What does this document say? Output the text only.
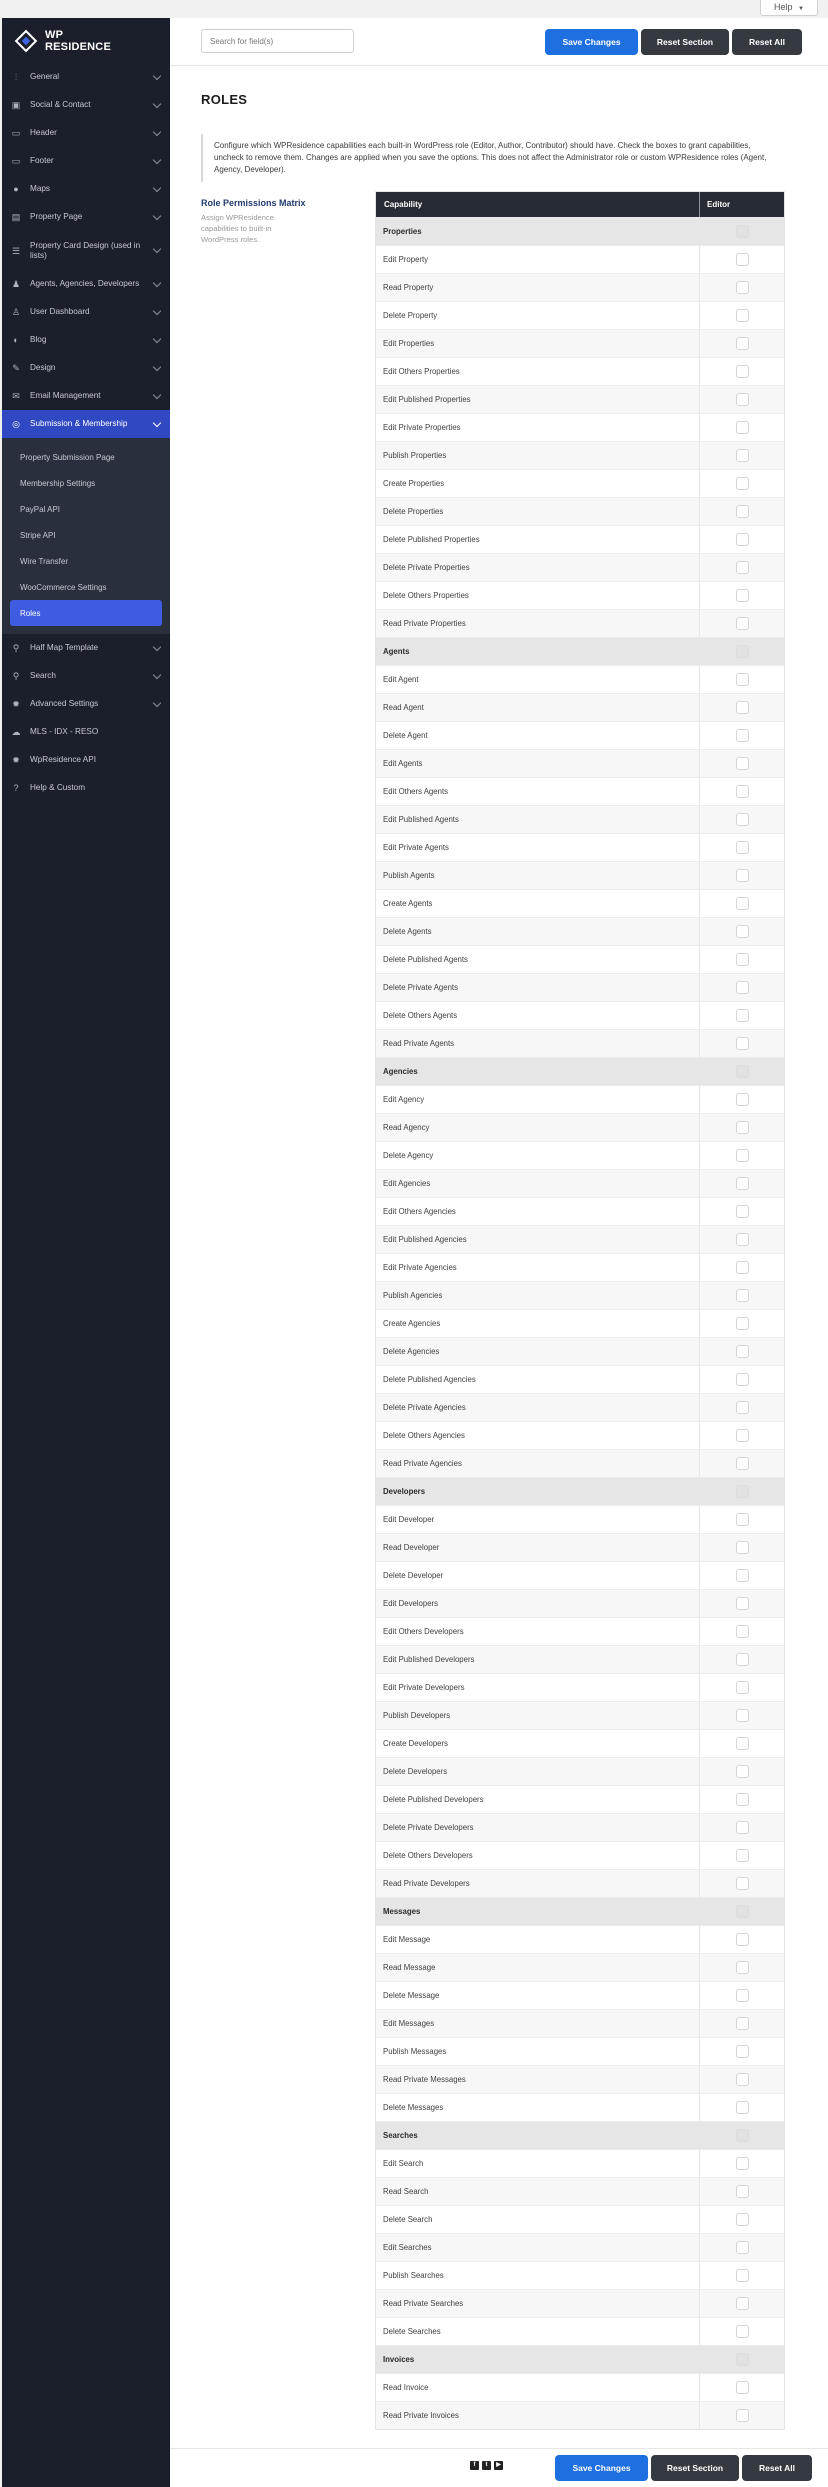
Help ▼
WP
RESIDENCE
⫶	General
▣ Social & Contact
▭ Header
▭ Footer
● Maps
▤ Property Page
☰
Property Card Design (used in lists)
♟ Agents, Agencies, Developers
♙ User Dashboard
◐ Blog
✎ Design
✉ Email Management
◎ Submission & Membership
Property Submission Page
Membership Settings
PayPal API
Stripe API
Wire Transfer
WooCommerce Settings
Roles
⚲ Half Map Template
⚲ Search
✹ Advanced Settings
☁ MLS - IDX - RESO
✹ WpResidence API
?	Help & Custom
Search for field(s)
Save Changes	Reset Section	Reset All
ROLES
Configure which WPResidence capabilities each built-in WordPress role (Editor, Author, Contributor) should have. Check the boxes to grant capabilities, uncheck to remove them. Changes are applied when you save the options. This does not affect the Administrator role or custom WPResidence roles (Agent, Agency, Developer).
Role Permissions Matrix
Assign WPResidence capabilities to built-in WordPress roles.
Capability	Editor
Properties
Edit Property
Read Property
Delete Property
Edit Properties
Edit Others Properties
Edit Published Properties
Edit Private Properties
Publish Properties
Create Properties
Delete Properties
Delete Published Properties
Delete Private Properties
Delete Others Properties
Read Private Properties
Agents
Edit Agent
Read Agent
Delete Agent
Edit Agents
Edit Others Agents
Edit Published Agents
Edit Private Agents
Publish Agents
Create Agents
Delete Agents
Delete Published Agents
Delete Private Agents
Delete Others Agents
Read Private Agents
Agencies
Edit Agency
Read Agency
Delete Agency
Edit Agencies
Edit Others Agencies
Edit Published Agencies
Edit Private Agencies
Publish Agencies
Create Agencies
Delete Agencies
Delete Published Agencies
Delete Private Agencies
Delete Others Agencies
Read Private Agencies
Developers
Edit Developer
Read Developer
Delete Developer
Edit Developers
Edit Others Developers
Edit Published Developers
Edit Private Developers
Publish Developers
Create Developers
Delete Developers
Delete Published Developers
Delete Private Developers
Delete Others Developers
Read Private Developers
Messages
Edit Message
Read Message
Delete Message
Edit Messages
Publish Messages
Read Private Messages
Delete Messages
Searches
Edit Search
Read Search
Delete Search
Edit Searches
Publish Searches
Read Private Searches
Delete Searches
Invoices
Read Invoice
Read Private Invoices
f	t	▶	Save Changes	Reset Section	Reset All
